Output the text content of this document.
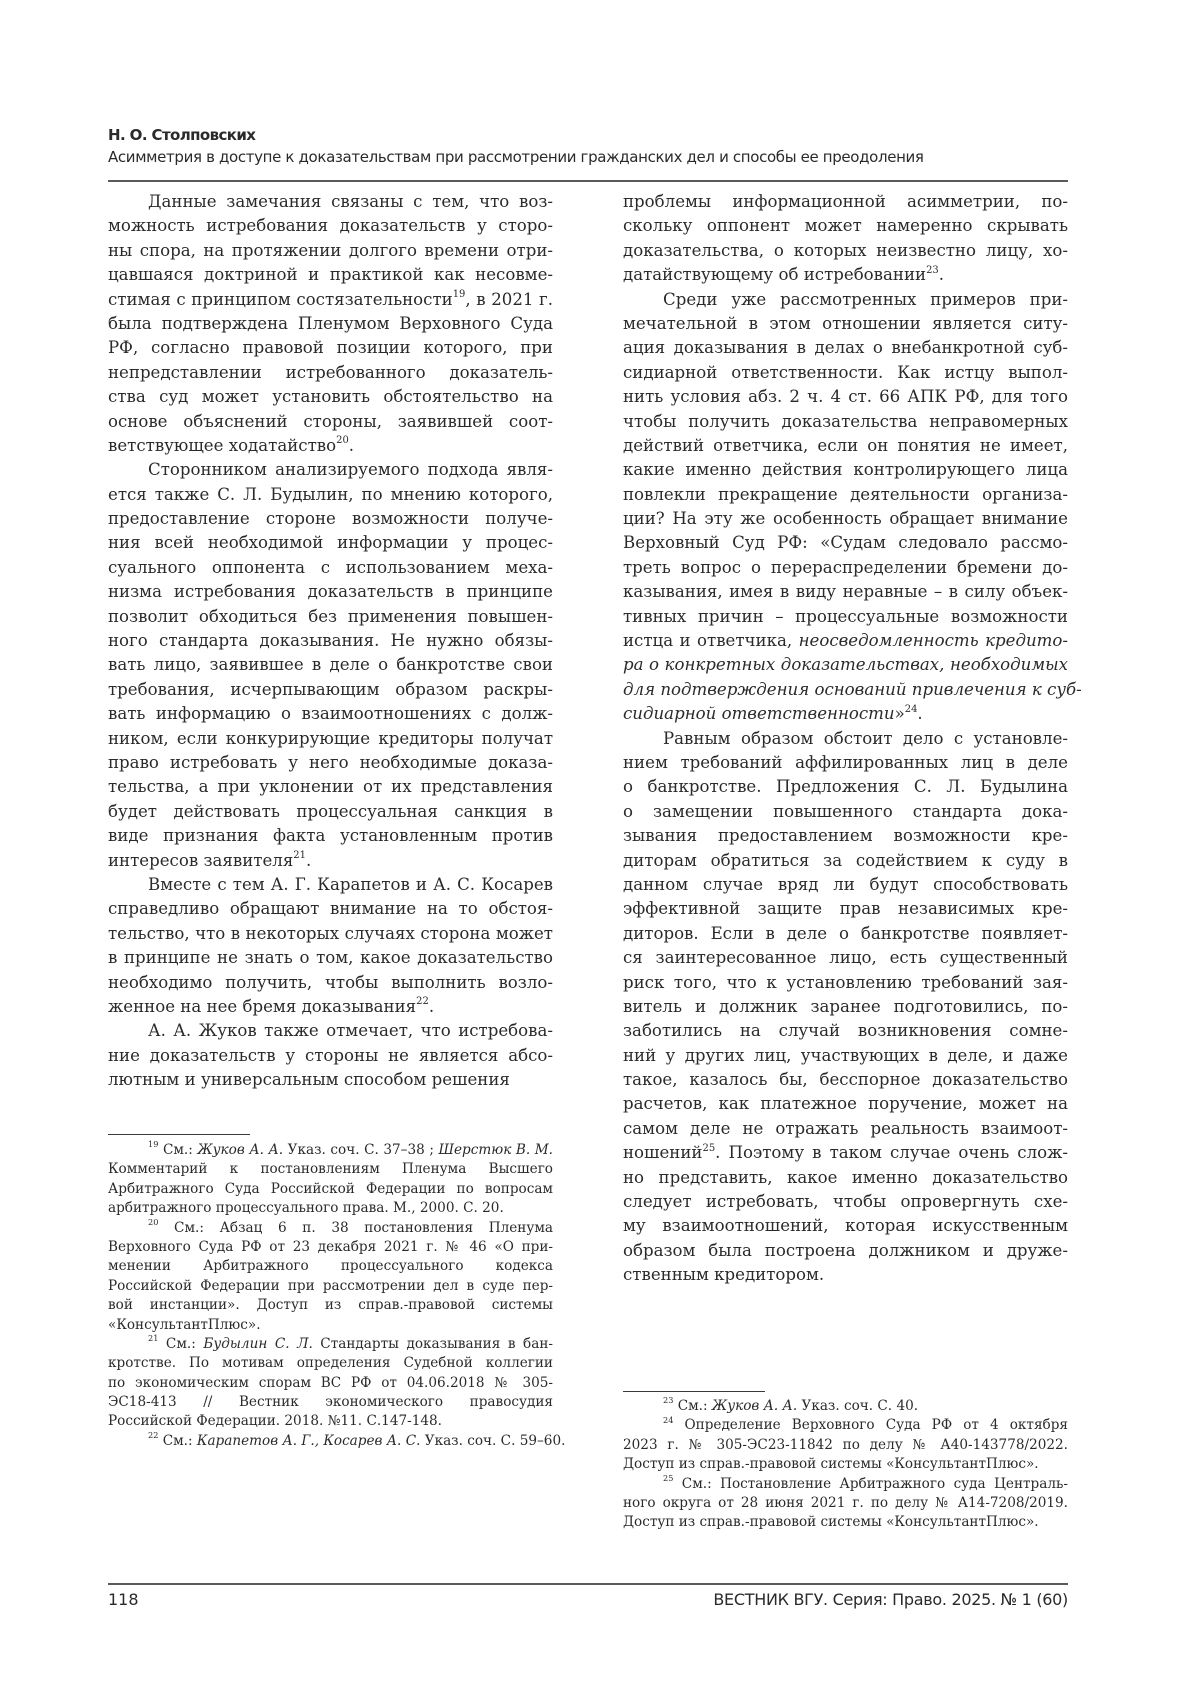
Н. О. Столповских
Асимметрия в доступе к доказательствам при рассмотрении гражданских дел и способы ее преодоления

Данные замечания связаны с тем, что воз-
можность истребования доказательств у сторо-
ны спора, на протяжении долгого времени отри-
цавшаяся доктриной и практикой как несовме-
стимая с принципом состязательности$^{19}$, в 2021 г.
была подтверждена Пленумом Верховного Суда
РФ, согласно правовой позиции которого, при
непредставлении истребованного доказатель-
ства суд может установить обстоятельство на
основе объяснений стороны, заявившей соот-
ветствующее ходатайство$^{20}$.

Сторонником анализируемого подхода явля-
ется также С. Л. Будылин, по мнению которого,
предоставление стороне возможности получе-
ния всей необходимой информации у процес-
суального оппонента с использованием меха-
низма истребования доказательств в принципе
позволит обходиться без применения повышен-
ного стандарта доказывания. Не нужно обязы-
вать лицо, заявившее в деле о банкротстве свои
требования, исчерпывающим образом раскры-
вать информацию о взаимоотношениях с долж-
ником, если конкурирующие кредиторы получат
право истребовать у него необходимые доказа-
тельства, а при уклонении от их представления
будет действовать процессуальная санкция в
виде признания факта установленным против
интересов заявителя$^{21}$.

Вместе с тем А. Г. Карапетов и А. С. Косарев
справедливо обращают внимание на то обстоя-
тельство, что в некоторых случаях сторона может
в принципе не знать о том, какое доказательство
необходимо получить, чтобы выполнить возло-
женное на нее бремя доказывания$^{22}$.

А. А. Жуков также отмечает, что истребова-
ние доказательств у стороны не является абсо-
лютным и универсальным способом решения

$^{19}$ См.: Жуков А. А. Указ. соч. С. 37–38 ; Шерстюк В. М.
Комментарий к постановлениям Пленума Высшего
Арбитражного Суда Российской Федерации по вопросам
арбитражного процессуального права. М., 2000. С. 20.
$^{20}$ См.: Абзац 6 п. 38 постановления Пленума
Верховного Суда РФ от 23 декабря 2021 г. № 46 «О при-
менении Арбитражного процессуального кодекса
Российской Федерации при рассмотрении дел в суде пер-
вой инстанции». Доступ из справ.-правовой системы
«КонсультантПлюс».
$^{21}$ См.: Будылин С. Л. Стандарты доказывания в бан-
кротстве. По мотивам определения Судебной коллегии
по экономическим спорам ВС РФ от 04.06.2018 № 305-
ЭС18-413 // Вестник экономического правосудия
Российской Федерации. 2018. №11. С.147-148.
$^{22}$ См.: Карапетов А. Г., Косарев А. С. Указ. соч. С. 59–60.

проблемы информационной асимметрии, по-
скольку оппонент может намеренно скрывать
доказательства, о которых неизвестно лицу, хо-
датайствующему об истребовании$^{23}$.

Среди уже рассмотренных примеров при-
мечательной в этом отношении является ситу-
ация доказывания в делах о внебанкротной суб-
сидиарной ответственности. Как истцу выпол-
нить условия абз. 2 ч. 4 ст. 66 АПК РФ, для того
чтобы получить доказательства неправомерных
действий ответчика, если он понятия не имеет,
какие именно действия контролирующего лица
повлекли прекращение деятельности организа-
ции? На эту же особенность обращает внимание
Верховный Суд РФ: «Судам следовало рассмо-
треть вопрос о перераспределении бремени до-
казывания, имея в виду неравные – в силу объек-
тивных причин – процессуальные возможности
истца и ответчика, неосведомленность кредито-
ра о конкретных доказательствах, необходимых
для подтверждения оснований привлечения к суб-
сидиарной ответственности»$^{24}$.

Равным образом обстоит дело с установле-
нием требований аффилированных лиц в деле
о банкротстве. Предложения С. Л. Будылина
о замещении повышенного стандарта дока-
зывания предоставлением возможности кре-
диторам обратиться за содействием к суду в
данном случае вряд ли будут способствовать
эффективной защите прав независимых кре-
диторов. Если в деле о банкротстве появляет-
ся заинтересованное лицо, есть существенный
риск того, что к установлению требований зая-
витель и должник заранее подготовились, по-
заботились на случай возникновения сомне-
ний у других лиц, участвующих в деле, и даже
такое, казалось бы, бесспорное доказательство
расчетов, как платежное поручение, может на
самом деле не отражать реальность взаимоот-
ношений$^{25}$. Поэтому в таком случае очень слож-
но представить, какое именно доказательство
следует истребовать, чтобы опровергнуть схе-
му взаимоотношений, которая искусственным
образом была построена должником и друже-
ственным кредитором.

$^{23}$ См.: Жуков А. А. Указ. соч. С. 40.
$^{24}$ Определение Верховного Суда РФ от 4 октября
2023 г. № 305-ЭС23-11842 по делу № А40-143778/2022.
Доступ из справ.-правовой системы «КонсультантПлюс».
$^{25}$ См.: Постановление Арбитражного суда Централь-
ного округа от 28 июня 2021 г. по делу № А14-7208/2019.
Доступ из справ.-правовой системы «КонсультантПлюс».
118	ВЕСТНИК ВГУ. Серия: Право. 2025. № 1 (60)
